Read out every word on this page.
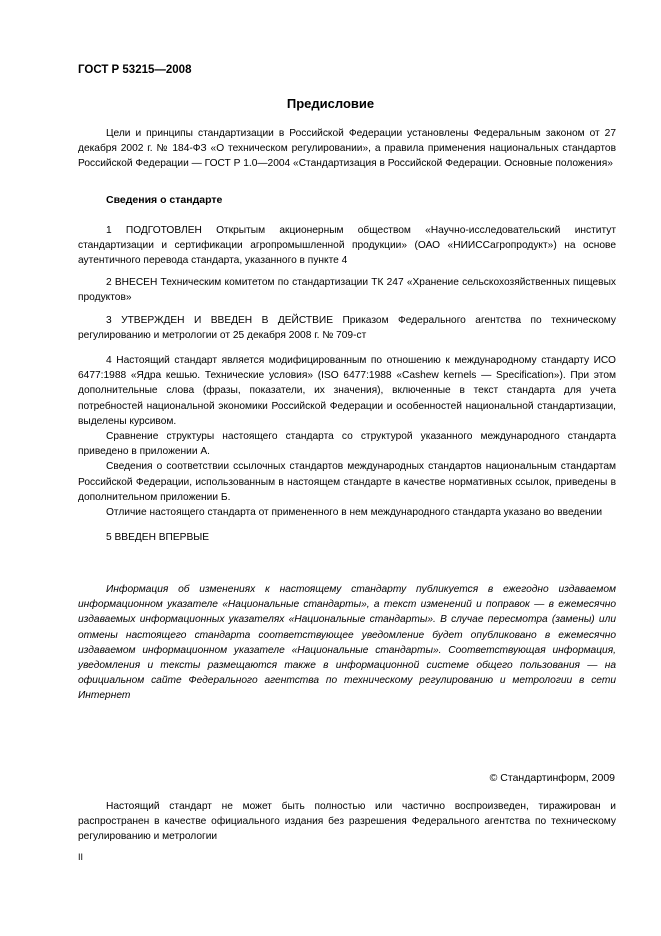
ГОСТ Р 53215—2008
Предисловие

Цели и принципы стандартизации в Российской Федерации установлены Федеральным законом от 27 декабря 2002 г. № 184-ФЗ «О техническом регулировании», а правила применения национальных стандартов Российской Федерации — ГОСТ Р 1.0—2004 «Стандартизация в Российской Федерации. Основные положения»

Сведения о стандарте

1 ПОДГОТОВЛЕН Открытым акционерным обществом «Научно-исследовательский институт стандартизации и сертификации агропромышленной продукции» (ОАО «НИИССагропродукт») на основе аутентичного перевода стандарта, указанного в пункте 4

2 ВНЕСЕН Техническим комитетом по стандартизации ТК 247 «Хранение сельскохозяйственных пищевых продуктов»

3 УТВЕРЖДЕН И ВВЕДЕН В ДЕЙСТВИЕ Приказом Федерального агентства по техническому регулированию и метрологии от 25 декабря 2008 г. № 709-ст

4 Настоящий стандарт является модифицированным по отношению к международному стандарту ИСО 6477:1988 «Ядра кешью. Технические условия» (ISO 6477:1988 «Cashew kernels — Specification»). При этом дополнительные слова (фразы, показатели, их значения), включенные в текст стандарта для учета потребностей национальной экономики Российской Федерации и особенностей национальной стандартизации, выделены курсивом.

Сравнение структуры настоящего стандарта со структурой указанного международного стандарта приведено в приложении А.

Сведения о соответствии ссылочных стандартов международных стандартов национальным стандартам Российской Федерации, использованным в настоящем стандарте в качестве нормативных ссылок, приведены в дополнительном приложении Б.

Отличие настоящего стандарта от примененного в нем международного стандарта указано во введении

5 ВВЕДЕН ВПЕРВЫЕ

Информация об изменениях к настоящему стандарту публикуется в ежегодно издаваемом информационном указателе «Национальные стандарты», а текст изменений и поправок — в ежемесячно издаваемых информационных указателях «Национальные стандарты». В случае пересмотра (замены) или отмены настоящего стандарта соответствующее уведомление будет опубликовано в ежемесячно издаваемом информационном указателе «Национальные стандарты». Соответствующая информация, уведомления и тексты размещаются также в информационной системе общего пользования — на официальном сайте Федерального агентства по техническому регулированию и метрологии в сети Интернет

© Стандартинформ, 2009

Настоящий стандарт не может быть полностью или частично воспроизведен, тиражирован и распространен в качестве официального издания без разрешения Федерального агентства по техническому регулированию и метрологии

II
